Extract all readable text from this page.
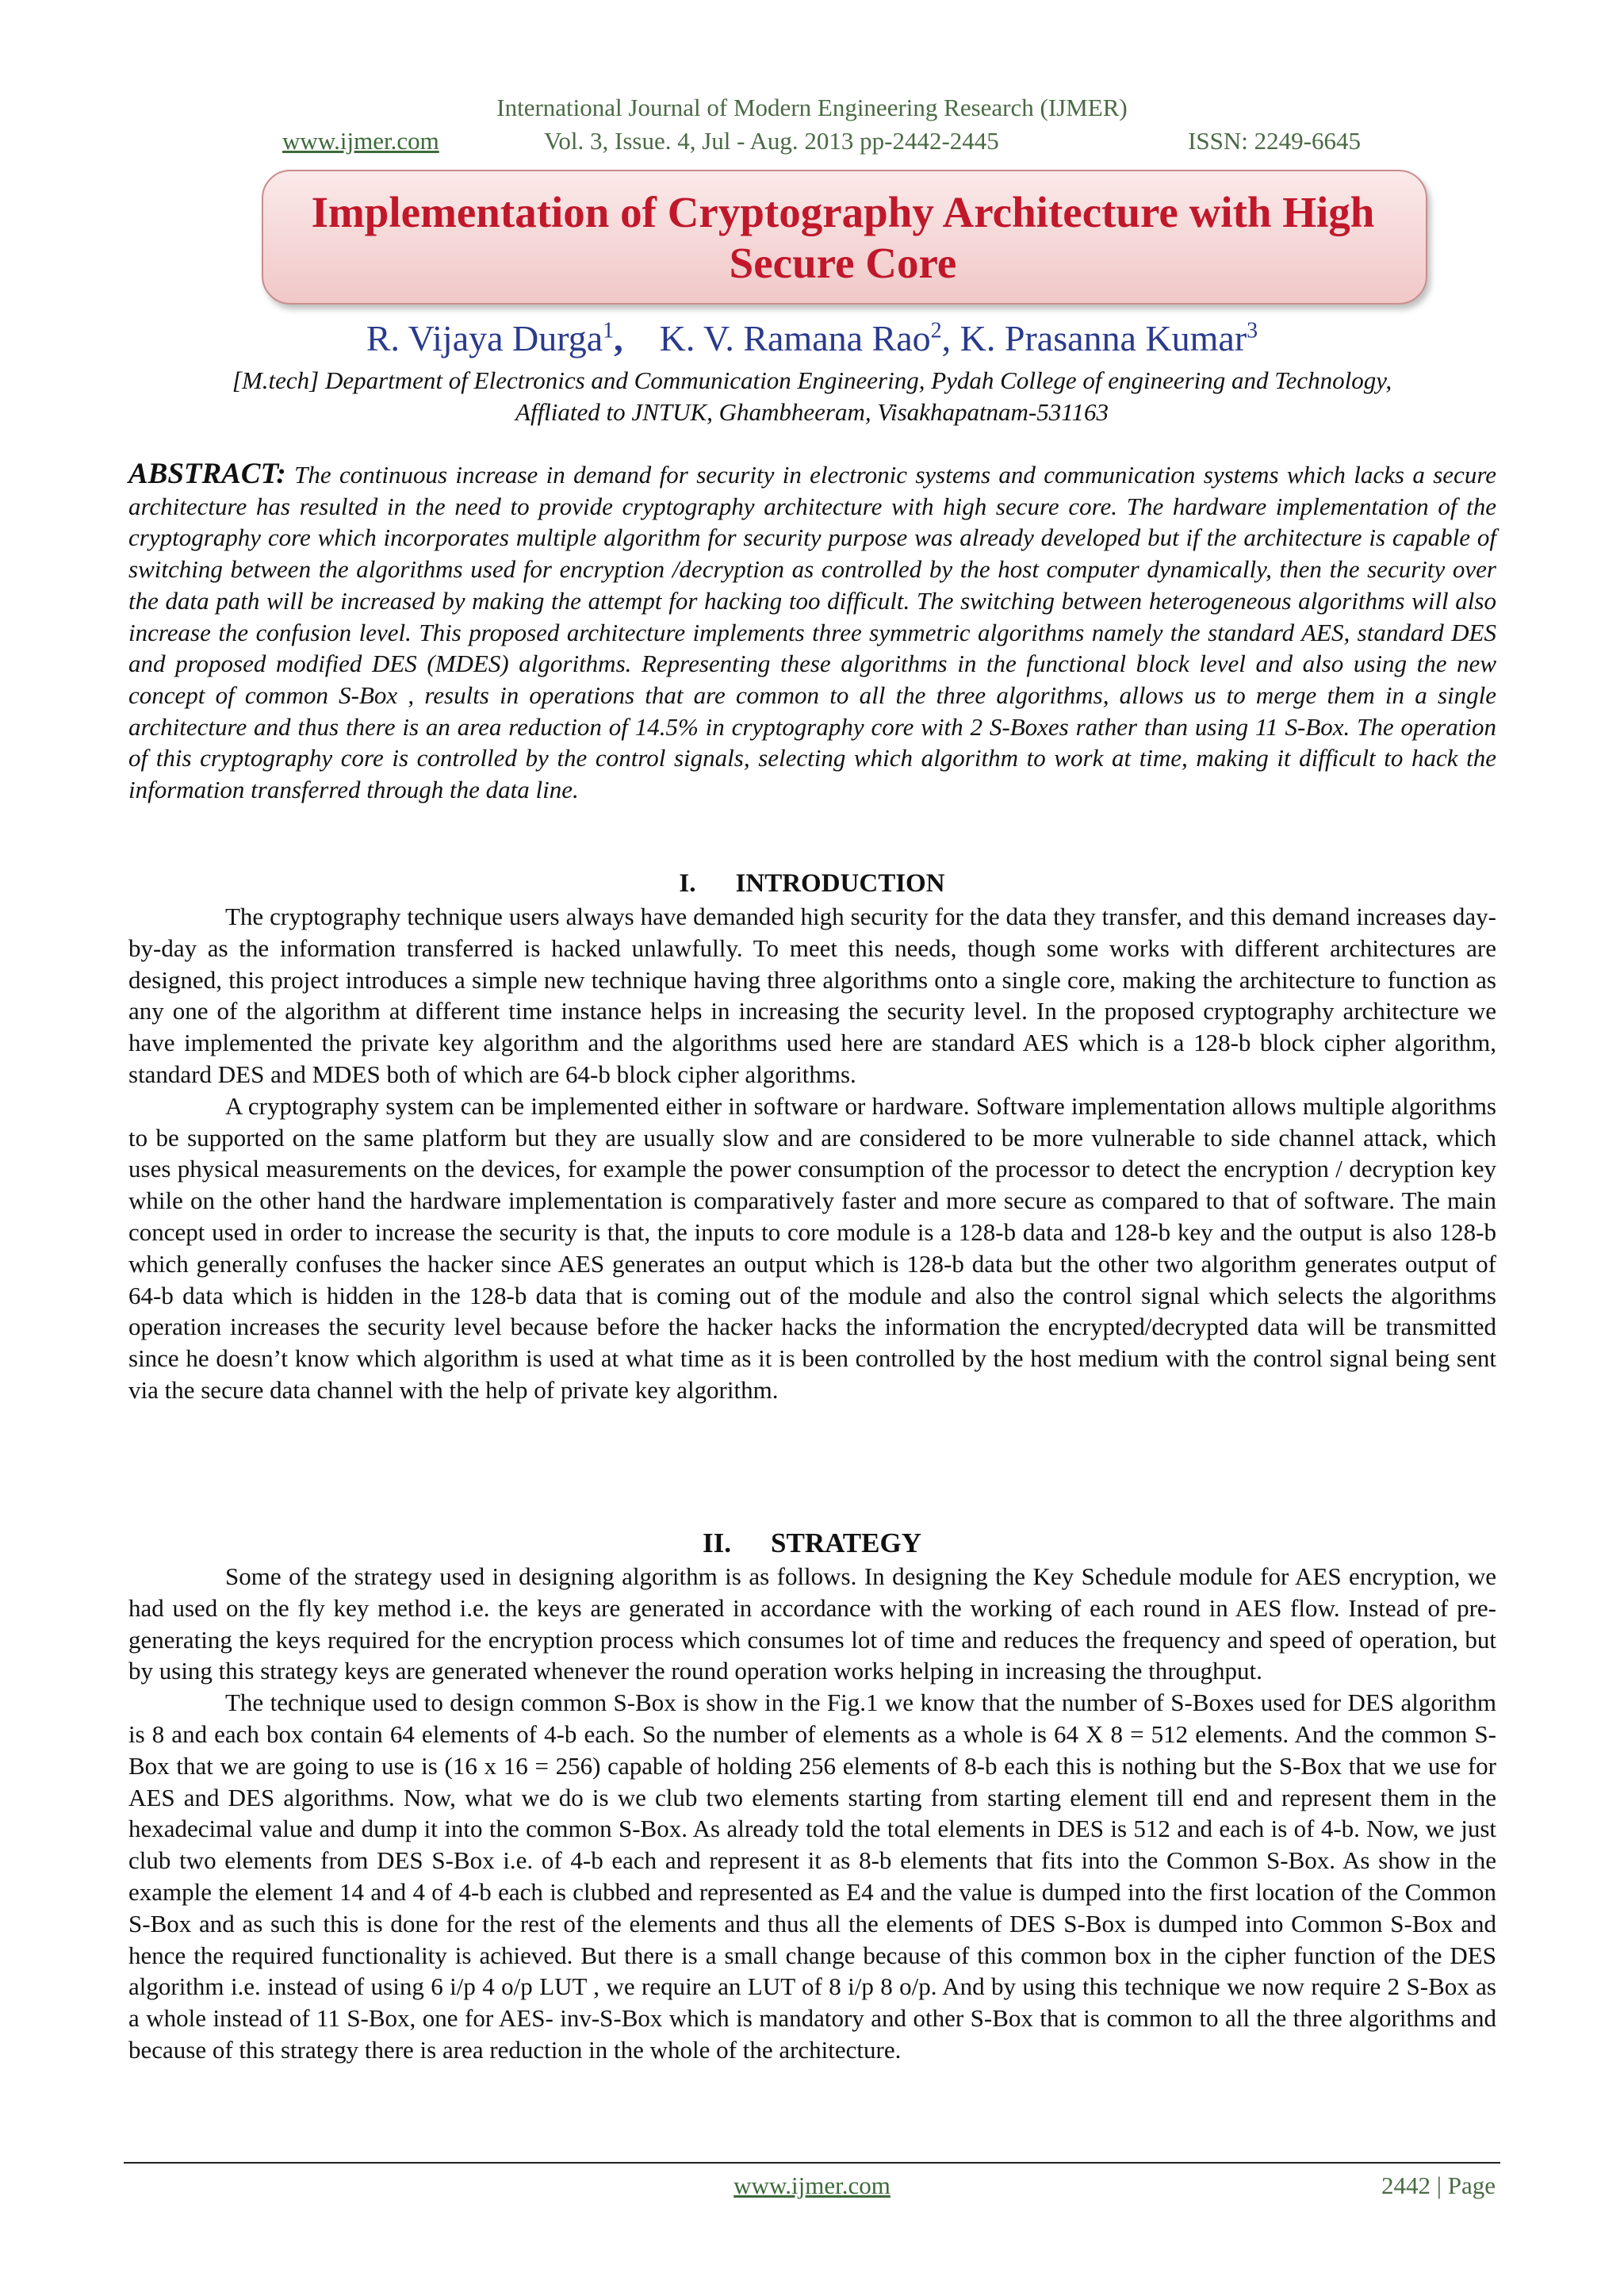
International Journal of Modern Engineering Research (IJMER)
www.ijmer.com	Vol. 3, Issue. 4, Jul - Aug. 2013 pp-2442-2445	ISSN: 2249-6645
Implementation of Cryptography Architecture with High Secure Core
R. Vijaya Durga$^1$, K. V. Ramana Rao$^2$, K. Prasanna Kumar$^3$
[M.tech] Department of Electronics and Communication Engineering, Pydah College of engineering and Technology,
Affliated to JNTUK, Ghambheeram, Visakhapatnam-531163
ABSTRACT: The continuous increase in demand for security in electronic systems and communication systems which lacks a secure architecture has resulted in the need to provide cryptography architecture with high secure core. The hardware implementation of the cryptography core which incorporates multiple algorithm for security purpose was already developed but if the architecture is capable of switching between the algorithms used for encryption /decryption as controlled by the host computer dynamically, then the security over the data path will be increased by making the attempt for hacking too difficult. The switching between heterogeneous algorithms will also increase the confusion level. This proposed architecture implements three symmetric algorithms namely the standard AES, standard DES and proposed modified DES (MDES) algorithms. Representing these algorithms in the functional block level and also using the new concept of common S-Box , results in operations that are common to all the three algorithms, allows us to merge them in a single architecture and thus there is an area reduction of 14.5% in cryptography core with 2 S-Boxes rather than using 11 S-Box. The operation of this cryptography core is controlled by the control signals, selecting which algorithm to work at time, making it difficult to hack the information transferred through the data line.
I. INTRODUCTION

The cryptography technique users always have demanded high security for the data they transfer, and this demand increases day-by-day as the information transferred is hacked unlawfully. To meet this needs, though some works with different architectures are designed, this project introduces a simple new technique having three algorithms onto a single core, making the architecture to function as any one of the algorithm at different time instance helps in increasing the security level. In the proposed cryptography architecture we have implemented the private key algorithm and the algorithms used here are standard AES which is a 128-b block cipher algorithm, standard DES and MDES both of which are 64-b block cipher algorithms.

A cryptography system can be implemented either in software or hardware. Software implementation allows multiple algorithms to be supported on the same platform but they are usually slow and are considered to be more vulnerable to side channel attack, which uses physical measurements on the devices, for example the power consumption of the processor to detect the encryption / decryption key while on the other hand the hardware implementation is comparatively faster and more secure as compared to that of software. The main concept used in order to increase the security is that, the inputs to core module is a 128-b data and 128-b key and the output is also 128-b which generally confuses the hacker since AES generates an output which is 128-b data but the other two algorithm generates output of 64-b data which is hidden in the 128-b data that is coming out of the module and also the control signal which selects the algorithms operation increases the security level because before the hacker hacks the information the encrypted/decrypted data will be transmitted since he doesn’t know which algorithm is used at what time as it is been controlled by the host medium with the control signal being sent via the secure data channel with the help of private key algorithm.

II. STRATEGY

Some of the strategy used in designing algorithm is as follows. In designing the Key Schedule module for AES encryption, we had used on the fly key method i.e. the keys are generated in accordance with the working of each round in AES flow. Instead of pre-generating the keys required for the encryption process which consumes lot of time and reduces the frequency and speed of operation, but by using this strategy keys are generated whenever the round operation works helping in increasing the throughput.

The technique used to design common S-Box is show in the Fig.1 we know that the number of S-Boxes used for DES algorithm is 8 and each box contain 64 elements of 4-b each. So the number of elements as a whole is 64 X 8 = 512 elements. And the common S-Box that we are going to use is (16 x 16 = 256) capable of holding 256 elements of 8-b each this is nothing but the S-Box that we use for AES and DES algorithms. Now, what we do is we club two elements starting from starting element till end and represent them in the hexadecimal value and dump it into the common S-Box. As already told the total elements in DES is 512 and each is of 4-b. Now, we just club two elements from DES S-Box i.e. of 4-b each and represent it as 8-b elements that fits into the Common S-Box. As show in the example the element 14 and 4 of 4-b each is clubbed and represented as E4 and the value is dumped into the first location of the Common S-Box and as such this is done for the rest of the elements and thus all the elements of DES S-Box is dumped into Common S-Box and hence the required functionality is achieved. But there is a small change because of this common box in the cipher function of the DES algorithm i.e. instead of using 6 i/p 4 o/p LUT , we require an LUT of 8 i/p 8 o/p. And by using this technique we now require 2 S-Box as a whole instead of 11 S-Box, one for AES- inv-S-Box which is mandatory and other S-Box that is common to all the three algorithms and because of this strategy there is area reduction in the whole of the architecture.

www.ijmer.com	2442 | Page
